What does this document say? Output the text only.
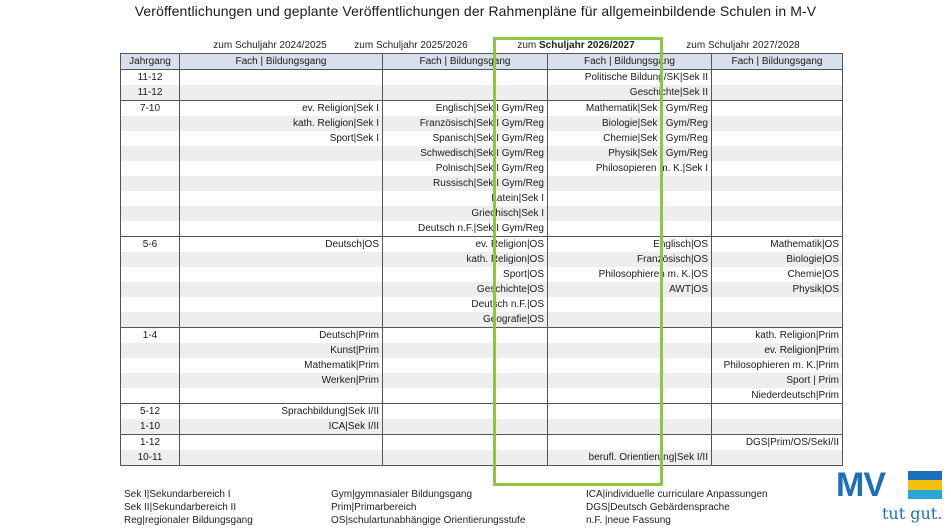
Veröffentlichungen und geplante Veröffentlichungen der Rahmenpläne für allgemeinbildende Schulen in M-V
zum Schuljahr 2024/2025	zum Schuljahr 2025/2026	zum Schuljahr 2026/2027	zum Schuljahr 2027/2028
Jahrgang	Fach | Bildungsgang	Fach | Bildungsgang	Fach | Bildungsgang	Fach | Bildungsgang
11-12			Politische Bildung/SK|Sek II	
11-12			Geschichte|Sek II	
7-10	ev. Religion|Sek I	Englisch|Sek I Gym/Reg	Mathematik|Sek I Gym/Reg	
	kath. Religion|Sek I	Französisch|Sek I Gym/Reg	Biologie|Sek I Gym/Reg	
	Sport|Sek I	Spanisch|Sek I Gym/Reg	Chemie|Sek I Gym/Reg	
		Schwedisch|Sek I Gym/Reg	Physik|Sek I Gym/Reg	
		Polnisch|Sek I Gym/Reg	Philosopieren m. K.|Sek I	
		Russisch|Sek I Gym/Reg		
		Latein|Sek I		
		Griechisch|Sek I		
		Deutsch n.F.|Sek I Gym/Reg		
5-6	Deutsch|OS	ev. Religion|OS	Englisch|OS	Mathematik|OS
		kath. Religion|OS	Französisch|OS	Biologie|OS
		Sport|OS	Philosophieren m. K.|OS	Chemie|OS
		Geschichte|OS	AWT|OS	Physik|OS
		Deutsch n.F.|OS		
		Geografie|OS		
1-4	Deutsch|Prim			kath. Religion|Prim
	Kunst|Prim			ev. Religion|Prim
	Mathematik|Prim			Philosophieren m. K.|Prim
	Werken|Prim			Sport | Prim
				Niederdeutsch|Prim
5-12	Sprachbildung|Sek I/II			
1-10	ICA|Sek I/II			
1-12				DGS|Prim/OS/SekI/II
10-11			berufl. Orientierung|Sek I/II	
Sek I|Sekundarbereich I
Sek II|Sekundarbereich II
Reg|regionaler Bildungsgang
Gym|gymnasialer Bildungsgang
Prim|Primarbereich
OS|schulartunabhängige Orientierungsstufe
ICA|individuelle curriculare Anpassungen
DGS|Deutsch Gebärdensprache
n.F. |neue Fassung
MV
tut gut.
